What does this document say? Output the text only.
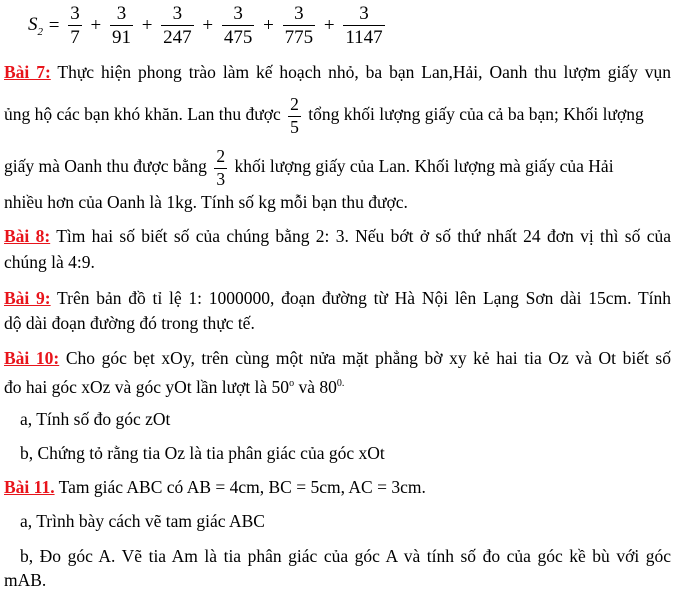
$S_2 = \frac{3}{7} + \frac{3}{91} + \frac{3}{247} + \frac{3}{475} + \frac{3}{775} + \frac{3}{1147}$
Bài 7: Thực hiện phong trào làm kế hoạch nhỏ, ba bạn Lan,Hải, Oanh thu lượm giấy vụn
ủng hộ các bạn khó khăn. Lan thu được $\frac{2}{5}$ tổng khối lượng giấy của cả ba bạn; Khối lượng
giấy mà Oanh thu được bằng $\frac{2}{3}$ khối lượng giấy của Lan. Khối lượng mà giấy của Hải
nhiều hơn của Oanh là 1kg. Tính số kg mỗi bạn thu được.
Bài 8: Tìm hai số biết số của chúng bằng 2: 3. Nếu bớt ở số thứ nhất 24 đơn vị thì số của
chúng là 4:9.
Bài 9: Trên bản đồ tỉ lệ 1: 1000000, đoạn đường từ Hà Nội lên Lạng Sơn dài 15cm. Tính
dộ dài đoạn đường đó trong thực tế.
Bài 10: Cho góc bẹt xOy, trên cùng một nửa mặt phẳng bờ xy kẻ hai tia Oz và Ot biết số
đo hai góc xOz và góc yOt lần lượt là 50$^o$ và $80^{0.}$
a, Tính số đo góc zOt
b, Chứng tỏ rằng tia Oz là tia phân giác của góc xOt
Bài 11. Tam giác ABC có AB = 4cm, BC = 5cm, AC = 3cm.
a, Trình bày cách vẽ tam giác ABC
b, Đo góc A. Vẽ tia Am là tia phân giác của góc A và tính số đo của góc kề bù với góc
mAB.
